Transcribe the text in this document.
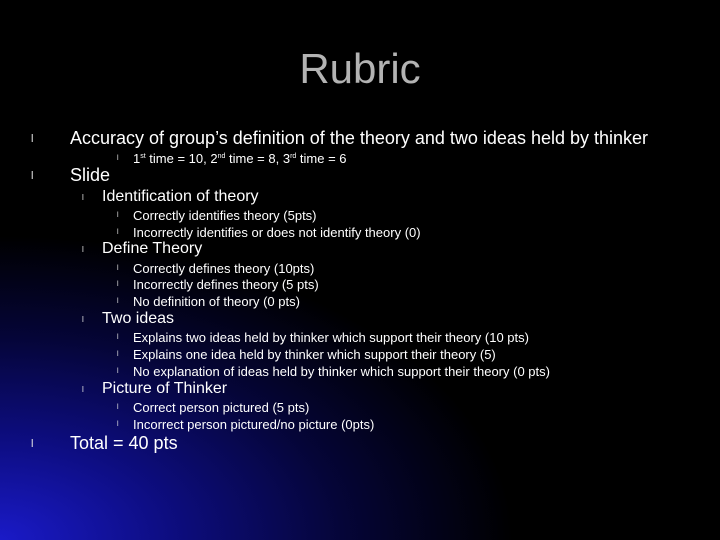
Rubric
l Accuracy of group’s definition of the theory and two ideas held by thinker
l 1st time = 10, 2nd time = 8, 3rd time = 6
l Slide
l Identification of theory
l Correctly identifies theory (5pts)
l Incorrectly identifies or does not identify theory (0)
l Define Theory
l Correctly defines theory (10pts)
l Incorrectly defines theory (5 pts)
l No definition of theory (0 pts)
l Two ideas
l Explains two ideas held by thinker which support their theory (10 pts)
l Explains one idea held by thinker which support their theory (5)
l No explanation of ideas held by thinker which support their theory (0 pts)
l Picture of Thinker
l Correct person pictured (5 pts)
l Incorrect person pictured/no picture (0pts)
l Total = 40 pts
